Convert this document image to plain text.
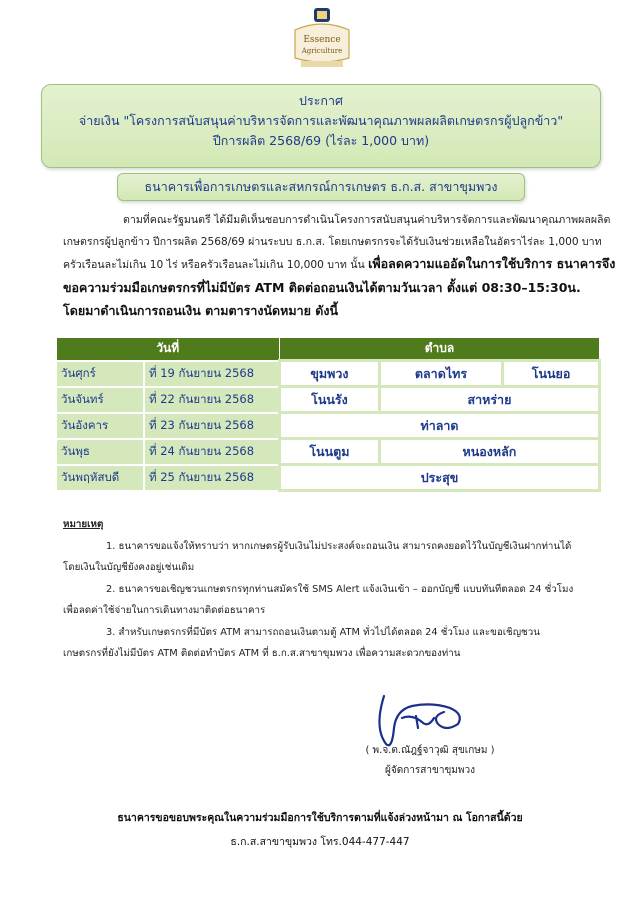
Essence
Agriculture
ประกาศ
จ่ายเงิน "โครงการสนับสนุนค่าบริหารจัดการและพัฒนาคุณภาพผลผลิตเกษตรกรผู้ปลูกข้าว"
ปีการผลิต 2568/69 (ไร่ละ 1,000 บาท)
ธนาคารเพื่อการเกษตรและสหกรณ์การเกษตร ธ.ก.ส. สาขาขุมพวง

ตามที่คณะรัฐมนตรี ได้มีมติเห็นชอบการดำเนินโครงการสนับสนุนค่าบริหารจัดการและพัฒนาคุณภาพผลผลิต

เกษตรกรผู้ปลูกข้าว ปีการผลิต 2568/69 ผ่านระบบ ธ.ก.ส. โดยเกษตรกรจะได้รับเงินช่วยเหลือในอัตราไร่ละ 1,000 บาท

ครัวเรือนละไม่เกิน 10 ไร่ หรือครัวเรือนละไม่เกิน 10,000 บาท นั้น เพื่อลดความแออัดในการใช้บริการ ธนาคารจึง

ขอความร่วมมือเกษตรกรที่ไม่มีบัตร ATM ติดต่อถอนเงินได้ตามวันเวลา ตั้งแต่ 08:30–15:30น.

โดยมาดำเนินการถอนเงิน ตามตารางนัดหมาย ดังนี้

วันที่		ตำบล		
วันศุกร์	ที่ 19 กันยายน 2568	ขุมพวง	ตลาดไทร	โนนยอ
วันจันทร์	ที่ 22 กันยายน 2568	โนนรัง	สาหร่าย	
วันอังคาร	ที่ 23 กันยายน 2568	ท่าลาด		
วันพุธ	ที่ 24 กันยายน 2568	โนนตูม	หนองหลัก	
วันพฤหัสบดี	ที่ 25 กันยายน 2568	ประสุข		

หมายเหตุ

1. ธนาคารขอแจ้งให้ทราบว่า หากเกษตรผู้รับเงินไม่ประสงค์จะถอนเงิน สามารถคงยอดไว้ในบัญชีเงินฝากท่านได้

โดยเงินในบัญชียังคงอยู่เช่นเดิม

2. ธนาคารขอเชิญชวนเกษตรกรทุกท่านสมัครใช้ SMS Alert แจ้งเงินเข้า – ออกบัญชี แบบทันทีตลอด 24 ชั่วโมง

เพื่อลดค่าใช้จ่ายในการเดินทางมาติดต่อธนาคาร

3. สำหรับเกษตรกรที่มีบัตร ATM สามารถถอนเงินตามตู้ ATM ทั่วไปได้ตลอด 24 ชั่วโมง และขอเชิญชวน

เกษตรกรที่ยังไม่มีบัตร ATM ติดต่อทำบัตร ATM ที่ ธ.ก.ส.สาขาขุมพวง เพื่อความสะดวกของท่าน

( พ.จ.ต.ณัฎฐ์จาวุฒิ สุขเกษม )
ผู้จัดการสาขาขุมพวง
ธนาคารขอขอบพระคุณในความร่วมมือการใช้บริการตามที่แจ้งล่วงหน้ามา ณ โอกาสนี้ด้วย
ธ.ก.ส.สาขาขุมพวง โทร.044-477-447
